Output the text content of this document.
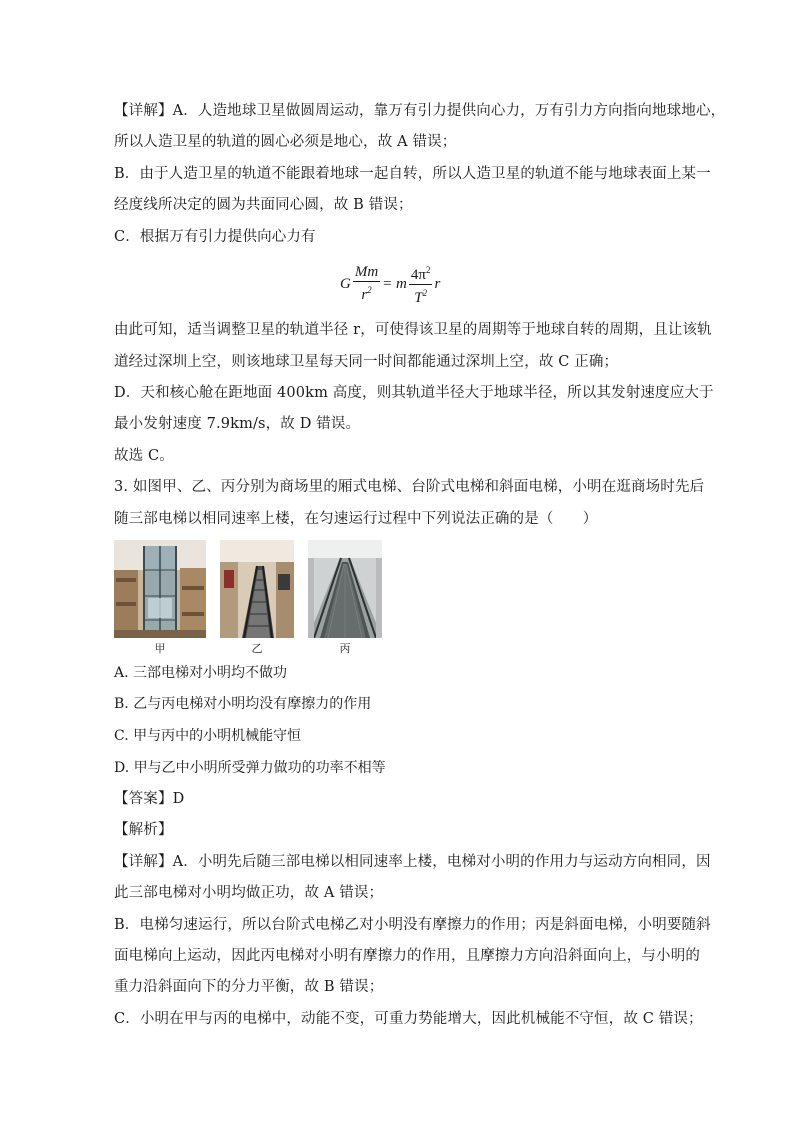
【详解】A．人造地球卫星做圆周运动，靠万有引力提供向心力，万有引力方向指向地球地心，
所以人造卫星的轨道的圆心必须是地心，故 A 错误；
B．由于人造卫星的轨道不能跟着地球一起自转，所以人造卫星的轨道不能与地球表面上某一
经度线所决定的圆为共面同心圆，故 B 错误；
C．根据万有引力提供向心力有
G $\frac{Mm}{r^2} = m \frac{4\pi^2}{T^2}$ r
由此可知，适当调整卫星的轨道半径 r，可使得该卫星的周期等于地球自转的周期，且让该轨
道经过深圳上空，则该地球卫星每天同一时间都能通过深圳上空，故 C 正确；
D．天和核心舱在距地面 400km 高度，则其轨道半径大于地球半径，所以其发射速度应大于
最小发射速度 7.9km/s，故 D 错误。
故选 C。
3. 如图甲、乙、丙分别为商场里的厢式电梯、台阶式电梯和斜面电梯，小明在逛商场时先后
随三部电梯以相同速率上楼，在匀速运行过程中下列说法正确的是（　　）
甲	乙	丙
A. 三部电梯对小明均不做功
B. 乙与丙电梯对小明均没有摩擦力的作用
C. 甲与丙中的小明机械能守恒
D. 甲与乙中小明所受弹力做功的功率不相等
【答案】D
【解析】
【详解】A．小明先后随三部电梯以相同速率上楼，电梯对小明的作用力与运动方向相同，因
此三部电梯对小明均做正功，故 A 错误；
B．电梯匀速运行，所以台阶式电梯乙对小明没有摩擦力的作用；丙是斜面电梯，小明要随斜
面电梯向上运动，因此丙电梯对小明有摩擦力的作用，且摩擦力方向沿斜面向上，与小明的
重力沿斜面向下的分力平衡，故 B 错误；
C．小明在甲与丙的电梯中，动能不变，可重力势能增大，因此机械能不守恒，故 C 错误；
